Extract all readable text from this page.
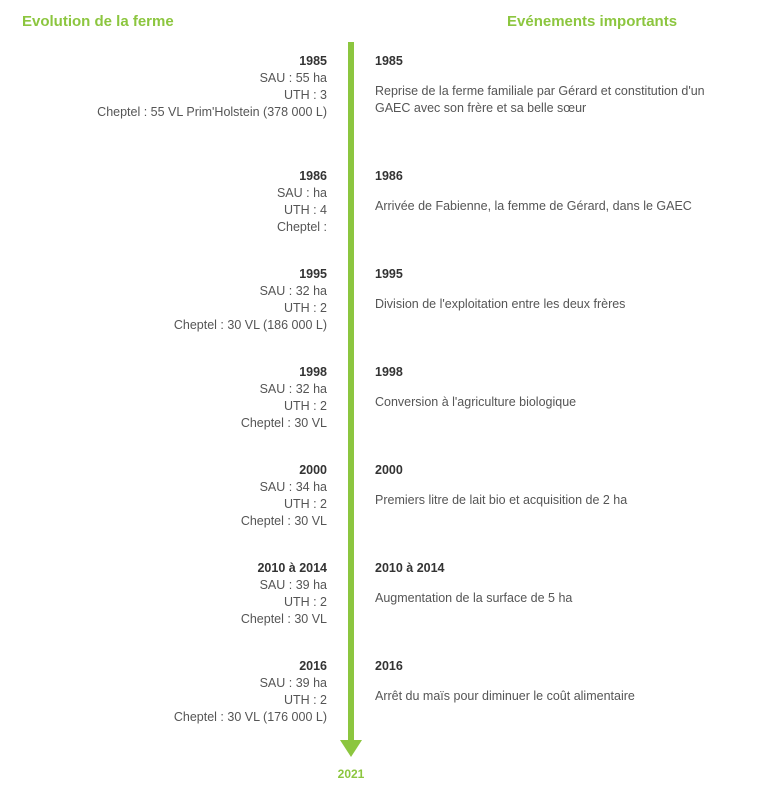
Evolution de la ferme	Evénements importants
2021
1985
SAU : 55 ha
UTH : 3
Cheptel : 55 VL Prim'Holstein (378 000 L)
1985
Reprise de la ferme familiale par Gérard et constitution d'un GAEC avec son frère et sa belle sœur
1986
SAU : ha
UTH : 4
Cheptel :
1986
Arrivée de Fabienne, la femme de Gérard, dans le GAEC
1995
SAU : 32 ha
UTH : 2
Cheptel : 30 VL (186 000 L)
1995
Division de l'exploitation entre les deux frères
1998
SAU : 32 ha
UTH : 2
Cheptel : 30 VL
1998
Conversion à l'agriculture biologique
2000
SAU : 34 ha
UTH : 2
Cheptel : 30 VL
2000
Premiers litre de lait bio et acquisition de 2 ha
2010 à 2014
SAU : 39 ha
UTH : 2
Cheptel : 30 VL
2010 à 2014
Augmentation de la surface de 5 ha
2016
SAU : 39 ha
UTH : 2
Cheptel : 30 VL (176 000 L)
2016
Arrêt du maïs pour diminuer le coût alimentaire
